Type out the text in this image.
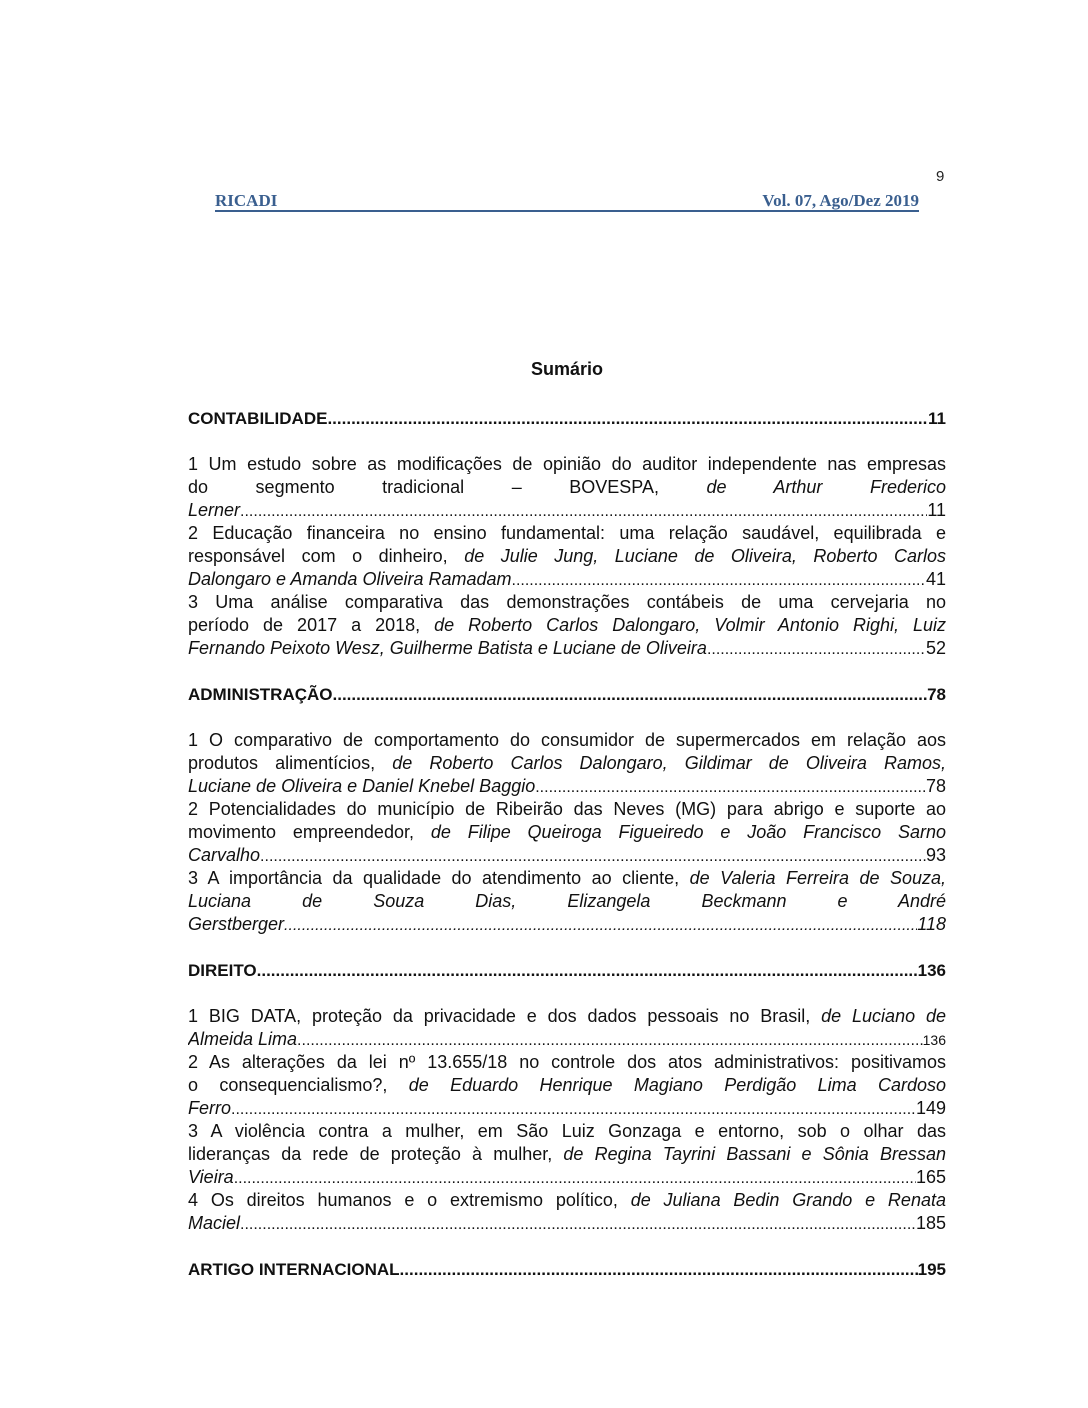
9
RICADI	Vol. 07, Ago/Dez 2019
Sumário
CONTABILIDADE .....	11
1 Um estudo sobre as modificações de opinião do auditor independente nas empresas
do segmento tradicional – BOVESPA,	de Arthur Frederico
Lerner .....	11
2 Educação financeira no ensino fundamental: uma relação saudável, equilibrada e
responsável com o dinheiro, de Julie Jung, Luciane de Oliveira, Roberto Carlos
Dalongaro e Amanda Oliveira Ramadam .....	41
3 Uma análise comparativa das demonstrações contábeis de uma cervejaria no
período de 2017 a 2018, de Roberto Carlos Dalongaro, Volmir Antonio Righi, Luiz
Fernando Peixoto Wesz, Guilherme Batista e Luciane de Oliveira .....	52
ADMINISTRAÇÃO .....	78
1 O comparativo de comportamento do consumidor de supermercados em relação aos
produtos alimentícios, de Roberto Carlos Dalongaro, Gildimar de Oliveira Ramos,
Luciane de Oliveira e Daniel Knebel Baggio .....	78
2 Potencialidades do município de Ribeirão das Neves (MG) para abrigo e suporte ao
movimento empreendedor, de Filipe Queiroga Figueiredo e João Francisco Sarno
Carvalho .....	93
3 A importância da qualidade do atendimento ao cliente, de Valeria Ferreira de Souza,
Luciana de Souza Dias, Elizangela Beckmann e André
Gerstberger .....	118
DIREITO .....	136
1 BIG DATA, proteção da privacidade e dos dados pessoais no Brasil, de Luciano de
Almeida Lima .....	136
2 As alterações da lei nº 13.655/18 no controle dos atos administrativos: positivamos
o consequencialismo?, de Eduardo Henrique Magiano Perdigão Lima Cardoso
Ferro .....	149
3 A violência contra a mulher, em São Luiz Gonzaga e entorno, sob o olhar das
lideranças da rede de proteção à mulher, de Regina Tayrini Bassani e Sônia Bressan
Vieira .....	165
4 Os direitos humanos e o extremismo político, de Juliana Bedin Grando e Renata
Maciel .....	185
ARTIGO INTERNACIONAL .....	195
